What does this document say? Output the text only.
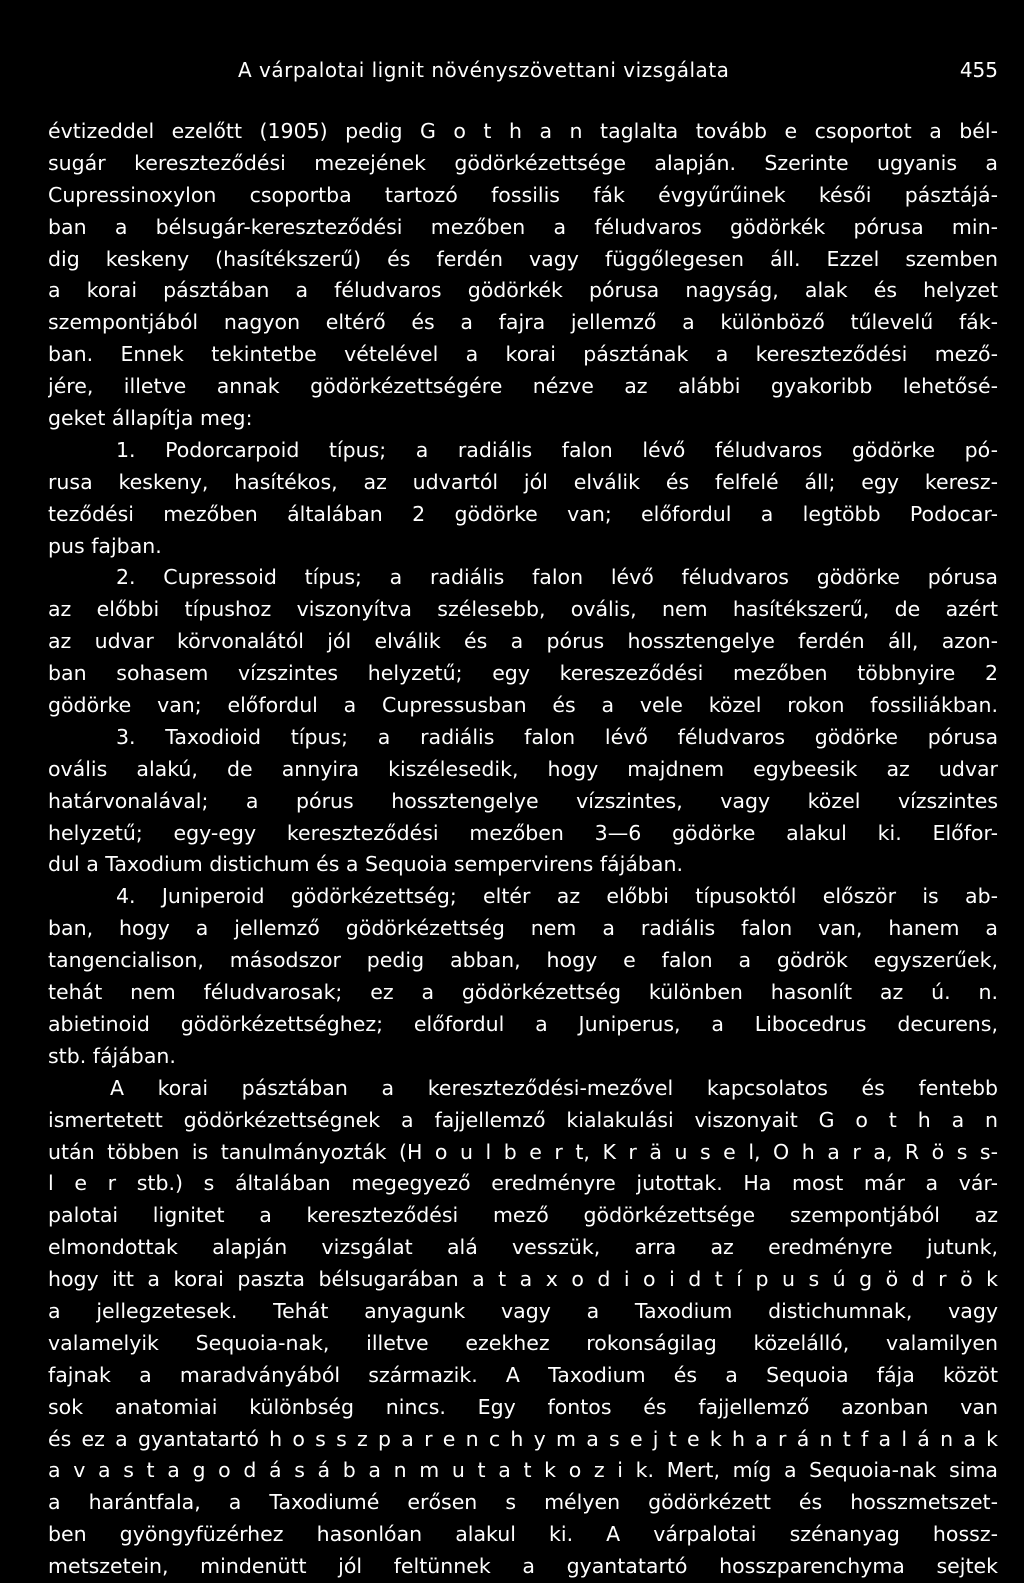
A várpalotai lignit növényszövettani vizsgálata	455
évtizeddel ezelőtt (1905) pedig G o t h a n taglalta tovább e csoportot a bél-
sugár kereszteződési mezejének gödörkézettsége alapján. Szerinte ugyanis a
Cupressinoxylon csoportba tartozó fossilis fák évgyűrűinek késői pásztájá-
ban a bélsugár-kereszteződési mezőben a féludvaros gödörkék pórusa min-
dig keskeny (hasítékszerű) és ferdén vagy függőlegesen áll. Ezzel szemben
a korai pásztában a féludvaros gödörkék pórusa nagyság, alak és helyzet
szempontjából nagyon eltérő és a fajra jellemző a különböző tűlevelű fák-
ban. Ennek tekintetbe vételével a korai pásztának a kereszteződési mező-
jére, illetve annak gödörkézettségére nézve az alábbi gyakoribb lehetősé-
geket állapítja meg:
1. Podorcarpoid típus; a radiális falon lévő féludvaros gödörke pó-
rusa keskeny, hasítékos, az udvartól jól elválik és felfelé áll; egy keresz-
teződési mezőben általában 2 gödörke van; előfordul a legtöbb Podocar-
pus fajban.
2. Cupressoid típus; a radiális falon lévő féludvaros gödörke pórusa
az előbbi típushoz viszonyítva szélesebb, ovális, nem hasítékszerű, de azért
az udvar körvonalától jól elválik és a pórus hossztengelye ferdén áll, azon-
ban sohasem vízszintes helyzetű; egy kereszeződési mezőben többnyire 2
gödörke van; előfordul a Cupressusban és a vele közel rokon fossiliákban.
3. Taxodioid típus; a radiális falon lévő féludvaros gödörke pórusa
ovális alakú, de annyira kiszélesedik, hogy majdnem egybeesik az udvar
határvonalával; a pórus hossztengelye vízszintes, vagy közel vízszintes
helyzetű; egy-egy kereszteződési mezőben 3—6 gödörke alakul ki. Előfor-
dul a Taxodium distichum és a Sequoia sempervirens fájában.
4. Juniperoid gödörkézettség; eltér az előbbi típusoktól először is ab-
ban, hogy a jellemző gödörkézettség nem a radiális falon van, hanem a
tangencialison, másodszor pedig abban, hogy e falon a gödrök egyszerűek,
tehát nem féludvarosak; ez a gödörkézettség különben hasonlít az ú. n.
abietinoid gödörkézettséghez; előfordul a Juniperus, a Libocedrus decurens,
stb. fájában.
A korai pásztában a kereszteződési-mezővel kapcsolatos és fentebb
ismertetett gödörkézettségnek a fajjellemző kialakulási viszonyait G o t h a n
után többen is tanulmányozták (H o u l b e r t, K r ä u s e l, O h a r a, R ö s s-
l e r stb.) s általában megegyező eredményre jutottak. Ha most már a vár-
palotai lignitet a kereszteződési mező gödörkézettsége szempontjából az
elmondottak alapján vizsgálat alá vesszük, arra az eredményre jutunk,
hogy itt a korai paszta bélsugarában a t a x o d i o i d t í p u s ú g ö d r ö k
a jellegzetesek. Tehát anyagunk vagy a Taxodium distichumnak, vagy
valamelyik Sequoia-nak, illetve ezekhez rokonságilag közelálló, valamilyen
fajnak a maradványából származik. A Taxodium és a Sequoia fája közöt
sok anatomiai különbség nincs. Egy fontos és fajjellemző azonban van
és ez a gyantatartó h o s s z p a r e n c h y m a s e j t e k h a r á n t f a l á n a k
a v a s t a g o d á s á b a n m u t a t k o z i k. Mert, míg a Sequoia-nak sima
a harántfala, a Taxodiumé erősen s mélyen gödörkézett és hosszmetszet-
ben gyöngyfüzérhez hasonlóan alakul ki. A várpalotai szénanyag hossz-
metszetein, mindenütt jól feltünnek a gyantatartó hosszparenchyma sejtek
